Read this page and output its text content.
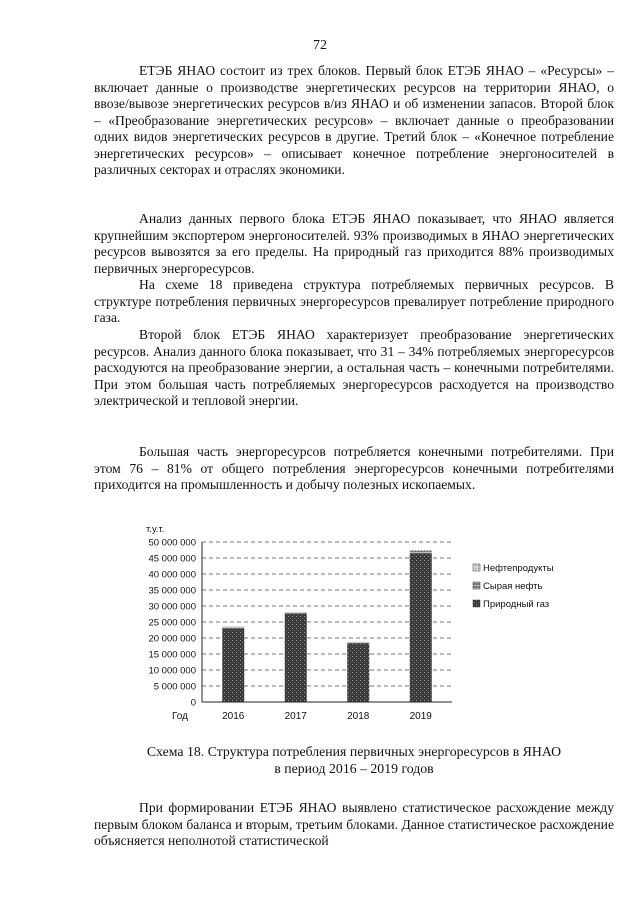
72

ЕТЭБ ЯНАО состоит из трех блоков. Первый блок ЕТЭБ ЯНАО – «Ресурсы» – включает данные о производстве энергетических ресурсов на территории ЯНАО, о ввозе/вывозе энергетических ресурсов в/из ЯНАО и об изменении запасов. Второй блок – «Преобразование энергетических ресурсов» – включает данные о преобразовании одних видов энергетических ресурсов в другие. Третий блок – «Конечное потребление энергетических ресурсов» – описывает конечное потребление энергоносителей в различных секторах и отраслях экономики.

Анализ данных первого блока ЕТЭБ ЯНАО показывает, что ЯНАО является крупнейшим экспортером энергоносителей. 93% производимых в ЯНАО энергетических ресурсов вывозятся за его пределы. На природный газ приходится 88% производимых первичных энергоресурсов.

На схеме 18 приведена структура потребляемых первичных ресурсов. В структуре потребления первичных энергоресурсов превалирует потребление природного газа.

Второй блок ЕТЭБ ЯНАО характеризует преобразование энергетических ресурсов. Анализ данного блока показывает, что 31 – 34% потребляемых энергоресурсов расходуются на преобразование энергии, а остальная часть – конечными потребителями. При этом большая часть потребляемых энергоресурсов расходуется на производство электрической и тепловой энергии.

Большая часть энергоресурсов потребляется конечными потребителями. При этом 76 – 81% от общего потребления энергоресурсов конечными потребителями приходится на промышленность и добычу полезных ископаемых.

0
5 000 000
10 000 000
15 000 000
20 000 000
25 000 000
30 000 000
35 000 000
40 000 000
45 000 000
50 000 000
т.у.т.
Год	2016	2017	2018	2019
Нефтепродукты
Сырая нефть
Природный газ
Схема 18. Структура потребления первичных энергоресурсов в ЯНАО
в период 2016 – 2019 годов

При формировании ЕТЭБ ЯНАО выявлено статистическое расхождение между первым блоком баланса и вторым, третьим блоками. Данное статистическое расхождение объясняется неполнотой статистической
